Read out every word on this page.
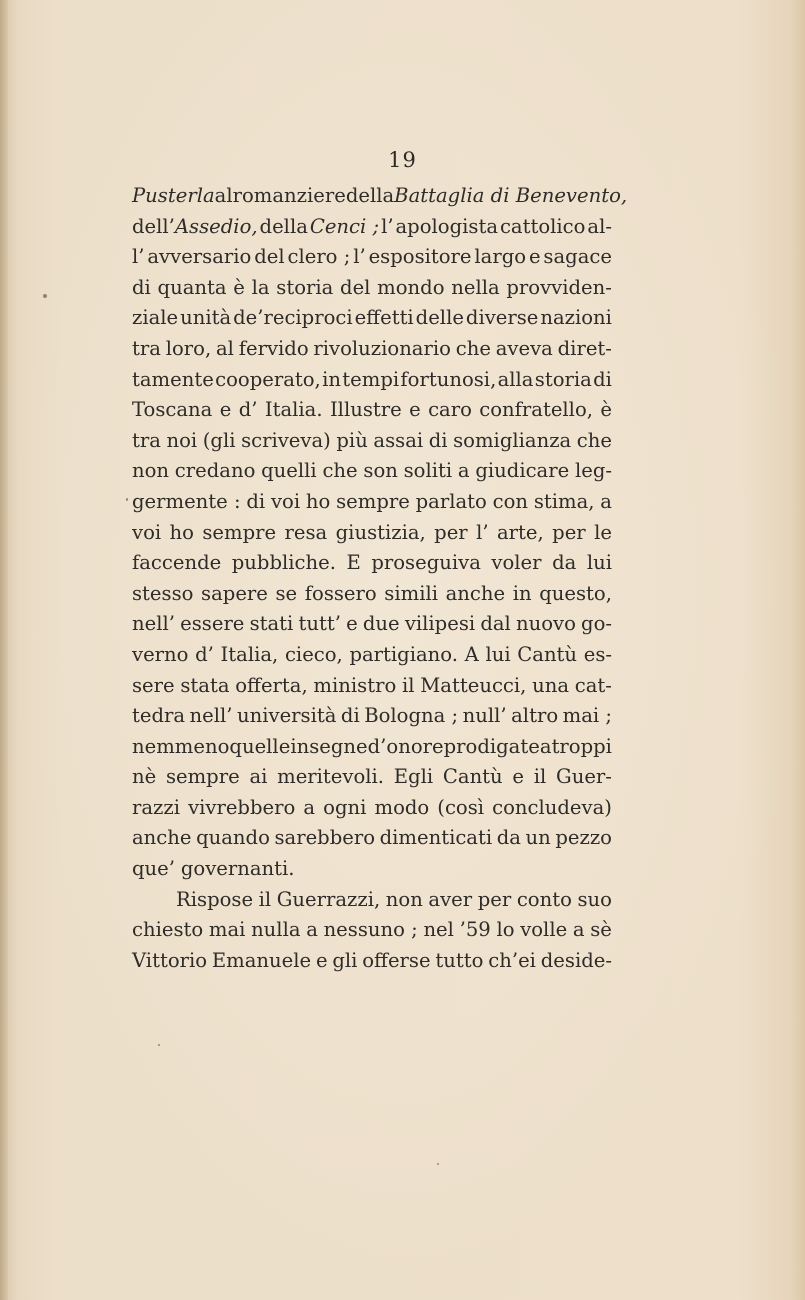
19
Pusterla al romanziere della Battaglia di Benevento,
dell’Assedio, della Cenci ; l’ apologista cattolico al-
l’ avversario del clero ; l’ espositore largo e sagace
di quanta è la storia del mondo nella provviden-
ziale unità de’reciproci effetti delle diverse nazioni
tra loro, al fervido rivoluzionario che aveva diret-
tamente cooperato, in tempi fortunosi, alla storia di
Toscana e d’ Italia. Illustre e caro confratello, è
tra noi (gli scriveva) più assai di somiglianza che
non credano quelli che son soliti a giudicare leg-
germente : di voi ho sempre parlato con stima, a
voi ho sempre resa giustizia, per l’ arte, per le
faccende pubbliche. E proseguiva voler da lui
stesso sapere se fossero simili anche in questo,
nell’ essere stati tutt’ e due vilipesi dal nuovo go-
verno d’ Italia, cieco, partigiano. A lui Cantù es-
sere stata offerta, ministro il Matteucci, una cat-
tedra nell’ università di Bologna ; null’ altro mai ;
nemmeno quelle insegne d’ onore prodigate a troppi
nè sempre ai meritevoli. Egli Cantù e il Guer-
razzi vivrebbero a ogni modo (così concludeva)
anche quando sarebbero dimenticati da un pezzo
que’ governanti.
Rispose il Guerrazzi, non aver per conto suo
chiesto mai nulla a nessuno ; nel ’59 lo volle a sè
Vittorio Emanuele e gli offerse tutto ch’ei deside-
